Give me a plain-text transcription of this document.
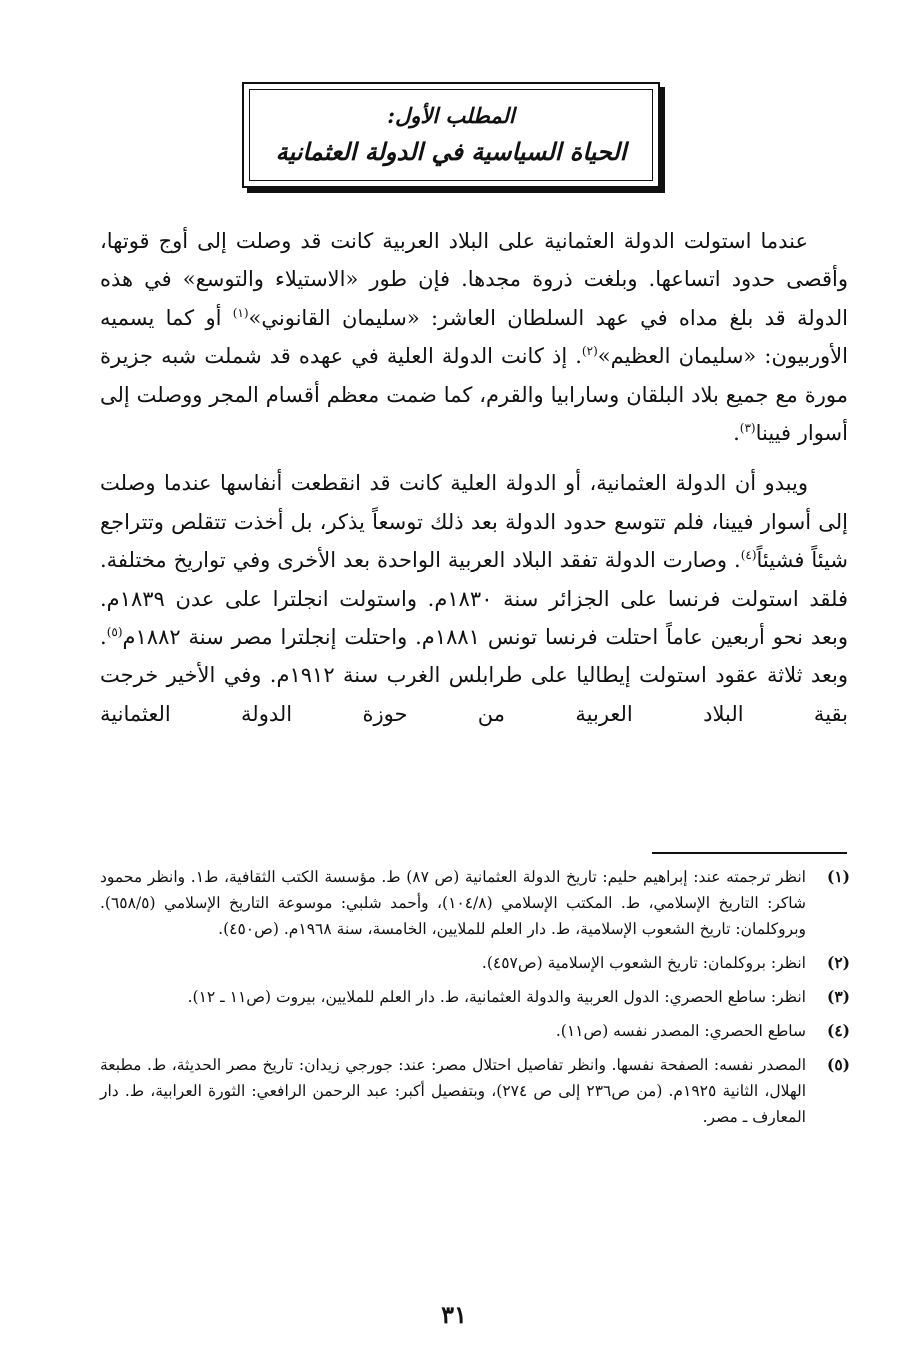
المطلب الأول:
الحياة السياسية في الدولة العثمانية

عندما استولت الدولة العثمانية على البلاد العربية كانت قد وصلت إلى أوج قوتها، وأقصى حدود اتساعها. وبلغت ذروة مجدها. فإن طور «الاستيلاء والتوسع» في هذه الدولة قد بلغ مداه في عهد السلطان العاشر: «سليمان القانوني»$^{(١)}$ أو كما يسميه الأوربيون: «سليمان العظيم»$^{(٢)}$. إذ كانت الدولة العلية في عهده قد شملت شبه جزيرة مورة مع جميع بلاد البلقان وسارابيا والقرم، كما ضمت معظم أقسام المجر ووصلت إلى أسوار فيينا$^{(٣)}$.

ويبدو أن الدولة العثمانية، أو الدولة العلية كانت قد انقطعت أنفاسها عندما وصلت إلى أسوار فيينا، فلم تتوسع حدود الدولة بعد ذلك توسعاً يذكر، بل أخذت تتقلص وتتراجع شيئاً فشيئاً$^{(٤)}$. وصارت الدولة تفقد البلاد العربية الواحدة بعد الأخرى وفي تواريخ مختلفة. فلقد استولت فرنسا على الجزائر سنة ١٨٣٠م. واستولت انجلترا على عدن ١٨٣٩م. وبعد نحو أربعين عاماً احتلت فرنسا تونس ١٨٨١م. واحتلت إنجلترا مصر سنة ١٨٨٢م$^{(٥)}$. وبعد ثلاثة عقود استولت إيطاليا على طرابلس الغرب سنة ١٩١٢م. وفي الأخير خرجت بقية البلاد العربية من حوزة الدولة العثمانية

(١)
انظر ترجمته عند: إبراهيم حليم: تاريخ الدولة العثمانية (ص ٨٧) ط. مؤسسة الكتب الثقافية، ط١. وانظر محمود شاكر: التاريخ الإسلامي، ط. المكتب الإسلامي (١٠٤/٨)، وأحمد شلبي: موسوعة التاريخ الإسلامي (٦٥٨/٥). وبروكلمان: تاريخ الشعوب الإسلامية، ط. دار العلم للملايين، الخامسة، سنة ١٩٦٨م. (ص٤٥٠).
(٢)
انظر: بروكلمان: تاريخ الشعوب الإسلامية (ص٤٥٧).
(٣)
انظر: ساطع الحصري: الدول العربية والدولة العثمانية، ط. دار العلم للملايين، بيروت (ص١١ ـ ١٢).
(٤)
ساطع الحصري: المصدر نفسه (ص١١).
(٥)
المصدر نفسه: الصفحة نفسها. وانظر تفاصيل احتلال مصر: عند: جورجي زيدان: تاريخ مصر الحديثة، ط. مطبعة الهلال، الثانية ١٩٢٥م. (من ص٢٣٦ إلى ص ٢٧٤)، وبتفصيل أكبر: عبد الرحمن الرافعي: الثورة العرابية، ط. دار المعارف ـ مصر.
٣١
